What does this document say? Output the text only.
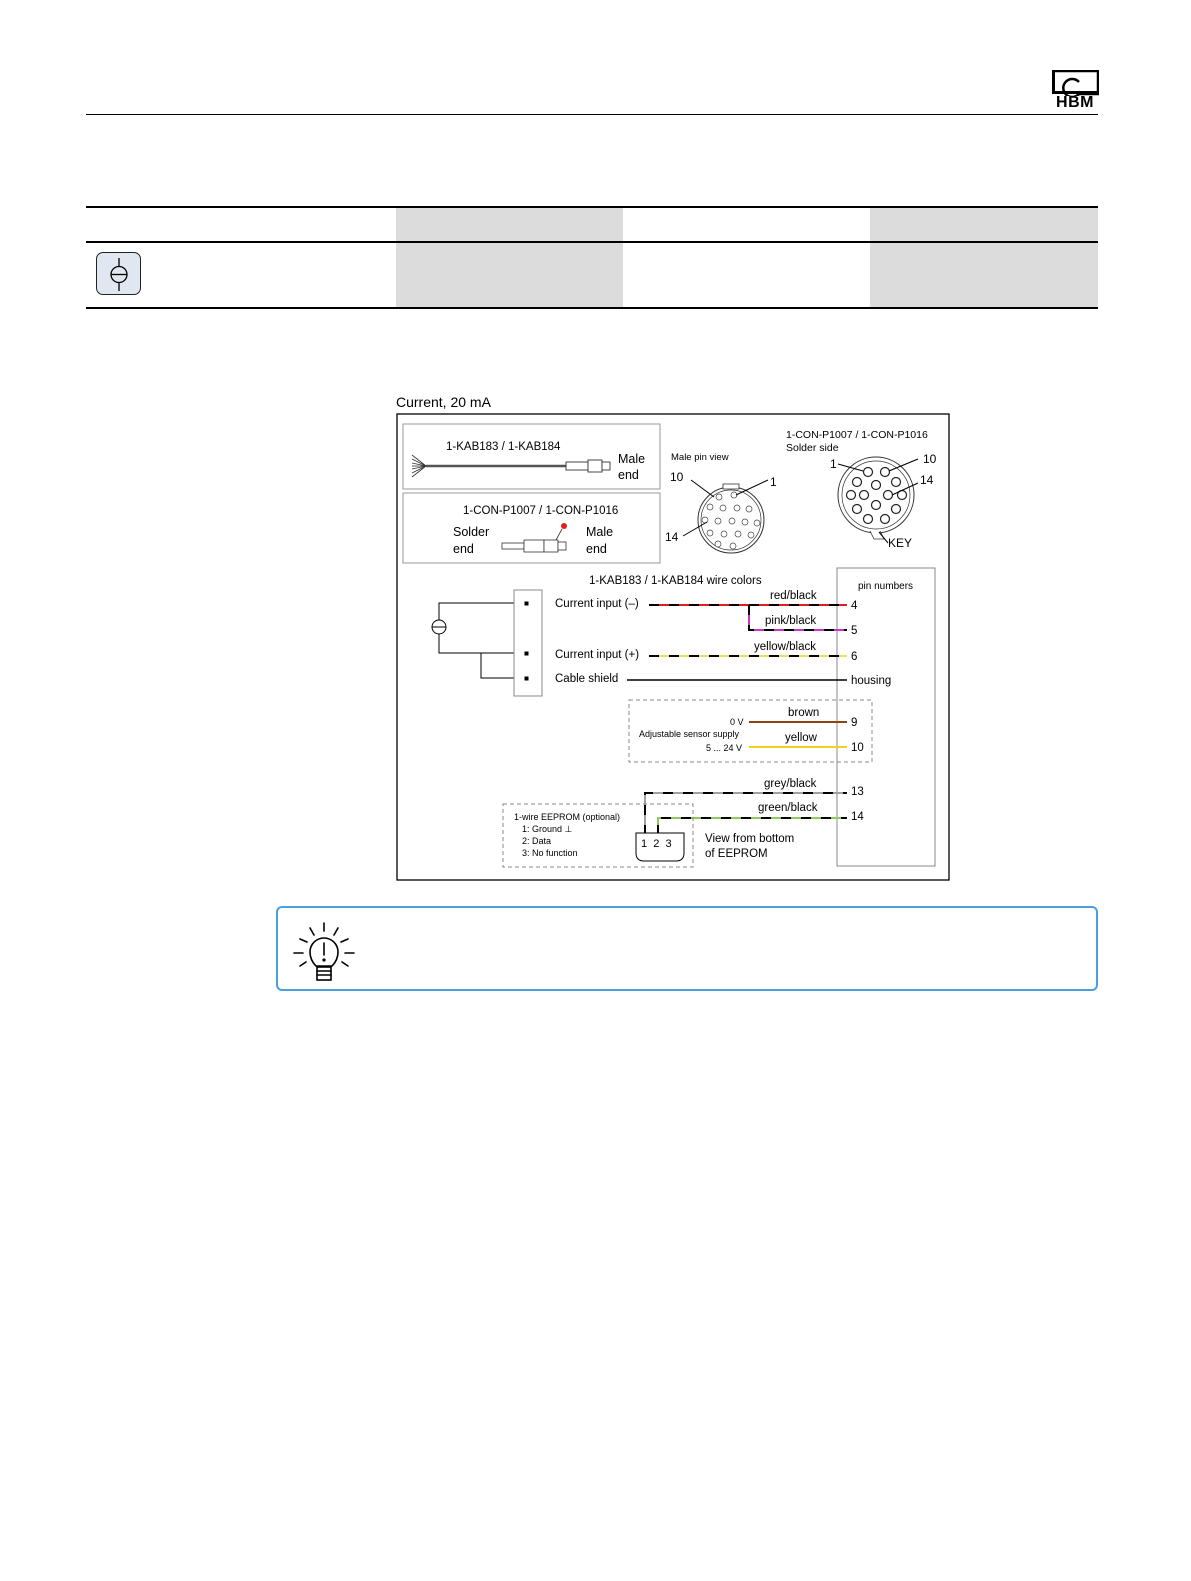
HBM
Current, 20 mA
1-KAB183 / 1-KAB184
Male
end
1-CON-P1007 / 1-CON-P1016
Solder
end
Male
end
Male pin view
10	1
14
1-CON-P1007 / 1-CON-P1016
Solder side
1	10
14
KEY
1-KAB183 / 1-KAB184 wire colors	pin numbers
Current input (–)
Current input (+)
Cable shield
red/black
pink/black
yellow/black
4
5
6
housing
0 V
Adjustable sensor supply
5 ... 24 V
brown
yellow
9
10
grey/black
green/black
13
14
1-wire EEPROM (optional)
1: Ground ⊥
2: Data
3: No function
1  2  3	View from bottom
of EEPROM
